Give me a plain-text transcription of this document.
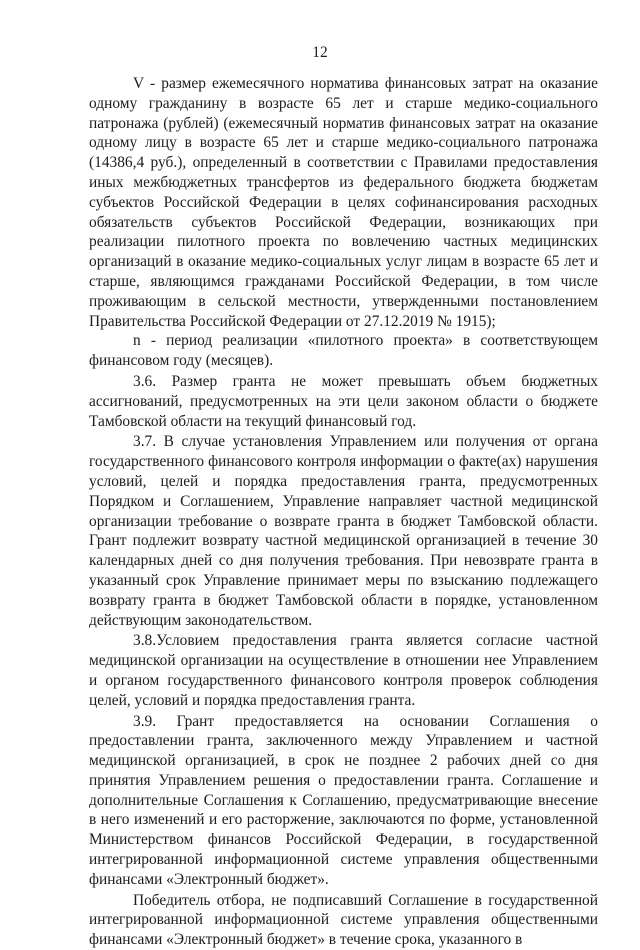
12

V - размер ежемесячного норматива финансовых затрат на оказание одному гражданину в возрасте 65 лет и старше медико-социального патронажа (рублей) (ежемесячный норматив финансовых затрат на оказание одному лицу в возрасте 65 лет и старше медико-социального патронажа (14386,4 руб.), определенный в соответствии с Правилами предоставления иных межбюджетных трансфертов из федерального бюджета бюджетам субъектов Российской Федерации в целях софинансирования расходных обязательств субъектов Российской Федерации, возникающих при реализации пилотного проекта по вовлечению частных медицинских организаций в оказание медико-социальных услуг лицам в возрасте 65 лет и старше, являющимся гражданами Российской Федерации, в том числе проживающим в сельской местности, утвержденными постановлением Правительства Российской Федерации от 27.12.2019 № 1915);

n - период реализации «пилотного проекта» в соответствующем финансовом году (месяцев).

3.6. Размер гранта не может превышать объем бюджетных ассигнований, предусмотренных на эти цели законом области о бюджете Тамбовской области на текущий финансовый год.

3.7. В случае установления Управлением или получения от органа государственного финансового контроля информации о факте(ах) нарушения условий, целей и порядка предоставления гранта, предусмотренных Порядком и Соглашением, Управление направляет частной медицинской организации требование о возврате гранта в бюджет Тамбовской области. Грант подлежит возврату частной медицинской организацией в течение 30 календарных дней со дня получения требования. При невозврате гранта в указанный срок Управление принимает меры по взысканию подлежащего возврату гранта в бюджет Тамбовской области в порядке, установленном действующим законодательством.

3.8.Условием предоставления гранта является согласие частной медицинской организации на осуществление в отношении нее Управлением и органом государственного финансового контроля проверок соблюдения целей, условий и порядка предоставления гранта.

3.9. Грант предоставляется на основании Соглашения о предоставлении гранта, заключенного между Управлением и частной медицинской организацией, в срок не позднее 2 рабочих дней со дня принятия Управлением решения о предоставлении гранта. Соглашение и дополнительные Соглашения к Соглашению, предусматривающие внесение в него изменений и его расторжение, заключаются по форме, установленной Министерством финансов Российской Федерации, в государственной интегрированной информационной системе управления общественными финансами «Электронный бюджет».

Победитель отбора, не подписавший Соглашение в государственной интегрированной информационной системе управления общественными финансами «Электронный бюджет» в течение срока, указанного в
